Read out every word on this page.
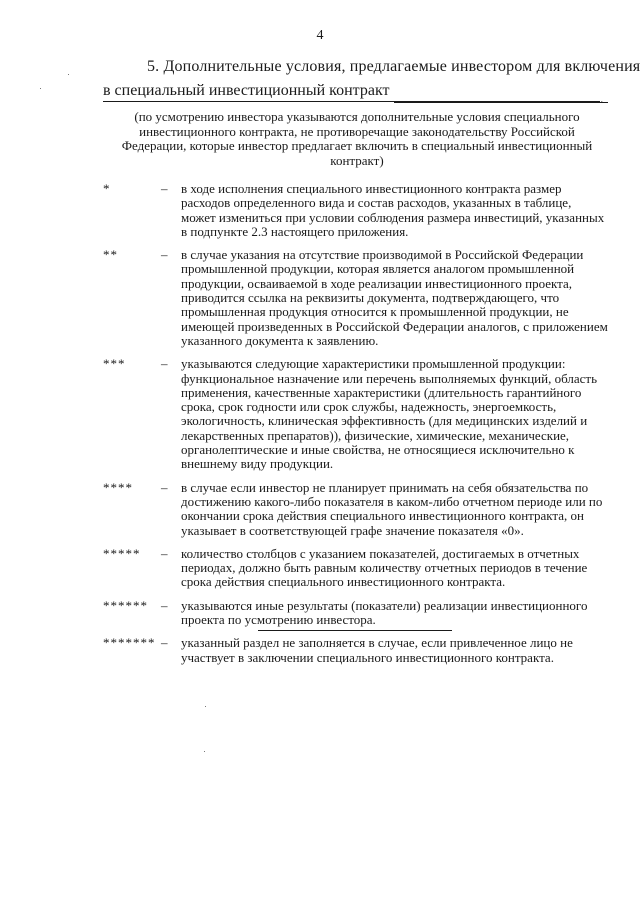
4
5. Дополнительные условия, предлагаемые инвестором для включения
в специальный инвестиционный контракт
.
(по усмотрению инвестора указываются дополнительные условия специального инвестиционного контракта, не противоречащие законодательству Российской Федерации, которые инвестор предлагает включить в специальный инвестиционный контракт)
*	–	в ходе исполнения специального инвестиционного контракта размер расходов определенного вида и состав расходов, указанных в таблице, может измениться при условии соблюдения размера инвестиций, указанных в подпункте 2.3 настоящего приложения.
**	–	в случае указания на отсутствие производимой в Российской Федерации промышленной продукции, которая является аналогом промышленной продукции, осваиваемой в ходе реализации инвестиционного проекта, приводится ссылка на реквизиты документа, подтверждающего, что промышленная продукция относится к промышленной продукции, не имеющей произведенных в Российской Федерации аналогов, с приложением указанного документа к заявлению.
***	–	указываются следующие характеристики промышленной продукции: функциональное назначение или перечень выполняемых функций, область применения, качественные характеристики (длительность гарантийного срока, срок годности или срок службы, надежность, энергоемкость, экологичность, клиническая эффективность (для медицинских изделий и лекарственных препаратов)), физические, химические, механические, органолептические и иные свойства, не относящиеся исключительно к внешнему виду продукции.
****	–	в случае если инвестор не планирует принимать на себя обязательства по достижению какого-либо показателя в каком-либо отчетном периоде или по окончании срока действия специального инвестиционного контракта, он указывает в соответствующей графе значение показателя «0».
*****	–	количество столбцов с указанием показателей, достигаемых в отчетных периодах, должно быть равным количеству отчетных периодов в течение срока действия специального инвестиционного контракта.
******	–	указываются иные результаты (показатели) реализации инвестиционного проекта по усмотрению инвестора.
******* –	указанный раздел не заполняется в случае, если привлеченное лицо не участвует в заключении специального инвестиционного контракта.
